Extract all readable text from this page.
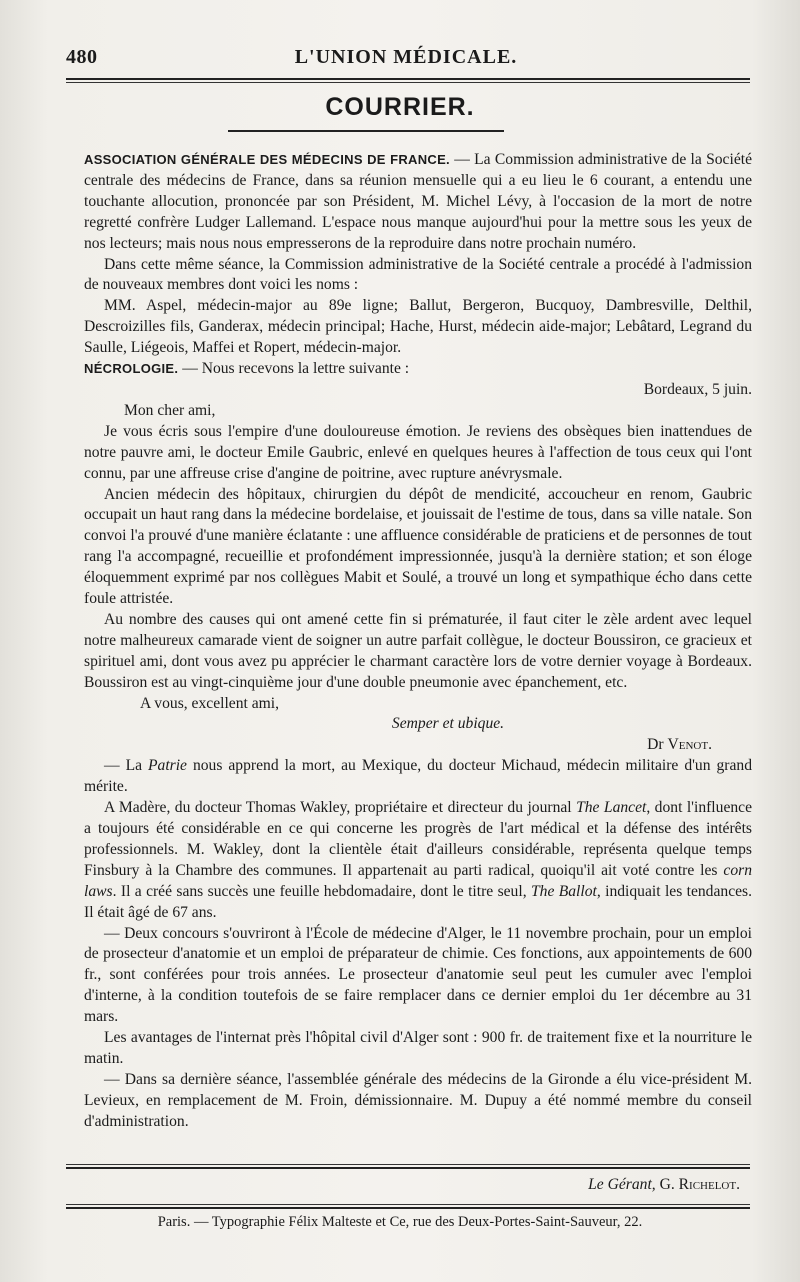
480	L'UNION MÉDICALE.
COURRIER.

ASSOCIATION GÉNÉRALE DES MÉDECINS DE FRANCE. — La Commission administrative de la Société centrale des médecins de France, dans sa réunion mensuelle qui a eu lieu le 6 courant, a entendu une touchante allocution, prononcée par son Président, M. Michel Lévy, à l'occasion de la mort de notre regretté confrère Ludger Lallemand. L'espace nous manque aujourd'hui pour la mettre sous les yeux de nos lecteurs; mais nous nous empresserons de la reproduire dans notre prochain numéro.

Dans cette même séance, la Commission administrative de la Société centrale a procédé à l'admission de nouveaux membres dont voici les noms :

MM. Aspel, médecin-major au 89e ligne; Ballut, Bergeron, Bucquoy, Dambresville, Delthil, Descroizilles fils, Ganderax, médecin principal; Hache, Hurst, médecin aide-major; Lebâtard, Legrand du Saulle, Liégeois, Maffei et Ropert, médecin-major.

NÉCROLOGIE. — Nous recevons la lettre suivante :

Bordeaux, 5 juin.

Mon cher ami,

Je vous écris sous l'empire d'une douloureuse émotion. Je reviens des obsèques bien inattendues de notre pauvre ami, le docteur Emile Gaubric, enlevé en quelques heures à l'affection de tous ceux qui l'ont connu, par une affreuse crise d'angine de poitrine, avec rupture anévrysmale.

Ancien médecin des hôpitaux, chirurgien du dépôt de mendicité, accoucheur en renom, Gaubric occupait un haut rang dans la médecine bordelaise, et jouissait de l'estime de tous, dans sa ville natale. Son convoi l'a prouvé d'une manière éclatante : une affluence considérable de praticiens et de personnes de tout rang l'a accompagné, recueillie et profondément impressionnée, jusqu'à la dernière station; et son éloge éloquemment exprimé par nos collègues Mabit et Soulé, a trouvé un long et sympathique écho dans cette foule attristée.

Au nombre des causes qui ont amené cette fin si prématurée, il faut citer le zèle ardent avec lequel notre malheureux camarade vient de soigner un autre parfait collègue, le docteur Boussiron, ce gracieux et spirituel ami, dont vous avez pu apprécier le charmant caractère lors de votre dernier voyage à Bordeaux. Boussiron est au vingt-cinquième jour d'une double pneumonie avec épanchement, etc.

A vous, excellent ami,

Semper et ubique.

Dr Venot.

— La Patrie nous apprend la mort, au Mexique, du docteur Michaud, médecin militaire d'un grand mérite.

A Madère, du docteur Thomas Wakley, propriétaire et directeur du journal The Lancet, dont l'influence a toujours été considérable en ce qui concerne les progrès de l'art médical et la défense des intérêts professionnels. M. Wakley, dont la clientèle était d'ailleurs considérable, représenta quelque temps Finsbury à la Chambre des communes. Il appartenait au parti radical, quoiqu'il ait voté contre les corn laws. Il a créé sans succès une feuille hebdomadaire, dont le titre seul, The Ballot, indiquait les tendances. Il était âgé de 67 ans.

— Deux concours s'ouvriront à l'École de médecine d'Alger, le 11 novembre prochain, pour un emploi de prosecteur d'anatomie et un emploi de préparateur de chimie. Ces fonctions, aux appointements de 600 fr., sont conférées pour trois années. Le prosecteur d'anatomie seul peut les cumuler avec l'emploi d'interne, à la condition toutefois de se faire remplacer dans ce dernier emploi du 1er décembre au 31 mars.

Les avantages de l'internat près l'hôpital civil d'Alger sont : 900 fr. de traitement fixe et la nourriture le matin.

— Dans sa dernière séance, l'assemblée générale des médecins de la Gironde a élu vice-président M. Levieux, en remplacement de M. Froin, démissionnaire. M. Dupuy a été nommé membre du conseil d'administration.

Le Gérant, G. Richelot.
Paris. — Typographie Félix Malteste et Ce, rue des Deux-Portes-Saint-Sauveur, 22.
